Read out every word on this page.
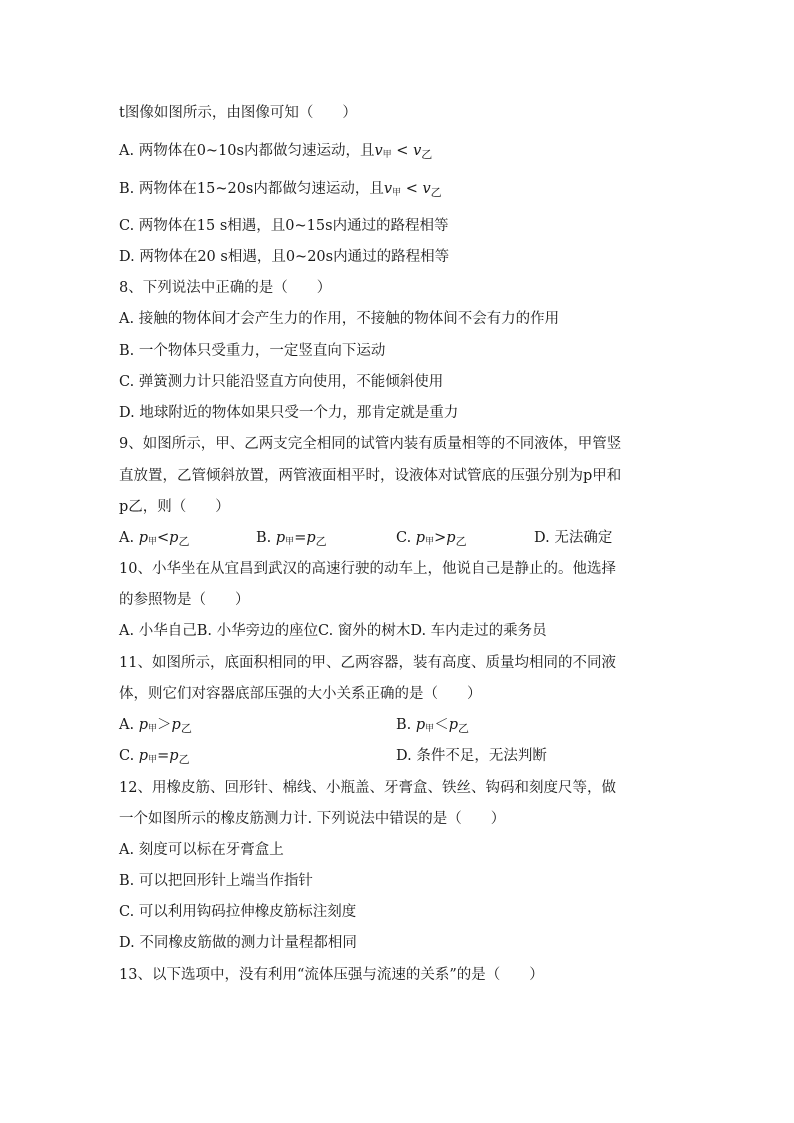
t图像如图所示，由图像可知（　　）
A. 两物体在0~10s内都做匀速运动，且$v_甲 < v_乙$
B. 两物体在15~20s内都做匀速运动，且$v_甲 < v_乙$
C. 两物体在15 s相遇，且0~15s内通过的路程相等
D. 两物体在20 s相遇，且0~20s内通过的路程相等
8、下列说法中正确的是（　　）
A. 接触的物体间才会产生力的作用，不接触的物体间不会有力的作用
B. 一个物体只受重力，一定竖直向下运动
C. 弹簧测力计只能沿竖直方向使用，不能倾斜使用
D. 地球附近的物体如果只受一个力，那肯定就是重力
9、如图所示，甲、乙两支完全相同的试管内装有质量相等的不同液体，甲管竖
直放置，乙管倾斜放置，两管液面相平时，设液体对试管底的压强分别为p甲和
p乙，则（　　）
A. $p_甲<p_乙$	B. $p_甲=p_乙$	C. $p_甲>p_乙$	D. 无法确定
10、小华坐在从宜昌到武汉的高速行驶的动车上，他说自己是静止的。他选择
的参照物是（　　）
A. 小华自己B. 小华旁边的座位C. 窗外的树木D. 车内走过的乘务员
11、如图所示，底面积相同的甲、乙两容器，装有高度、质量均相同的不同液
体，则它们对容器底部压强的大小关系正确的是（　　）
A. $p_甲>p_乙$	B. $p_甲<p_乙$
C. $p_甲=p_乙$	D. 条件不足，无法判断
12、用橡皮筋、回形针、棉线、小瓶盖、牙膏盒、铁丝、钩码和刻度尺等，做
一个如图所示的橡皮筋测力计. 下列说法中错误的是（　　）
A. 刻度可以标在牙膏盒上
B. 可以把回形针上端当作指针
C. 可以利用钩码拉伸橡皮筋标注刻度
D. 不同橡皮筋做的测力计量程都相同
13、以下选项中，没有利用“流体压强与流速的关系”的是（　　）
